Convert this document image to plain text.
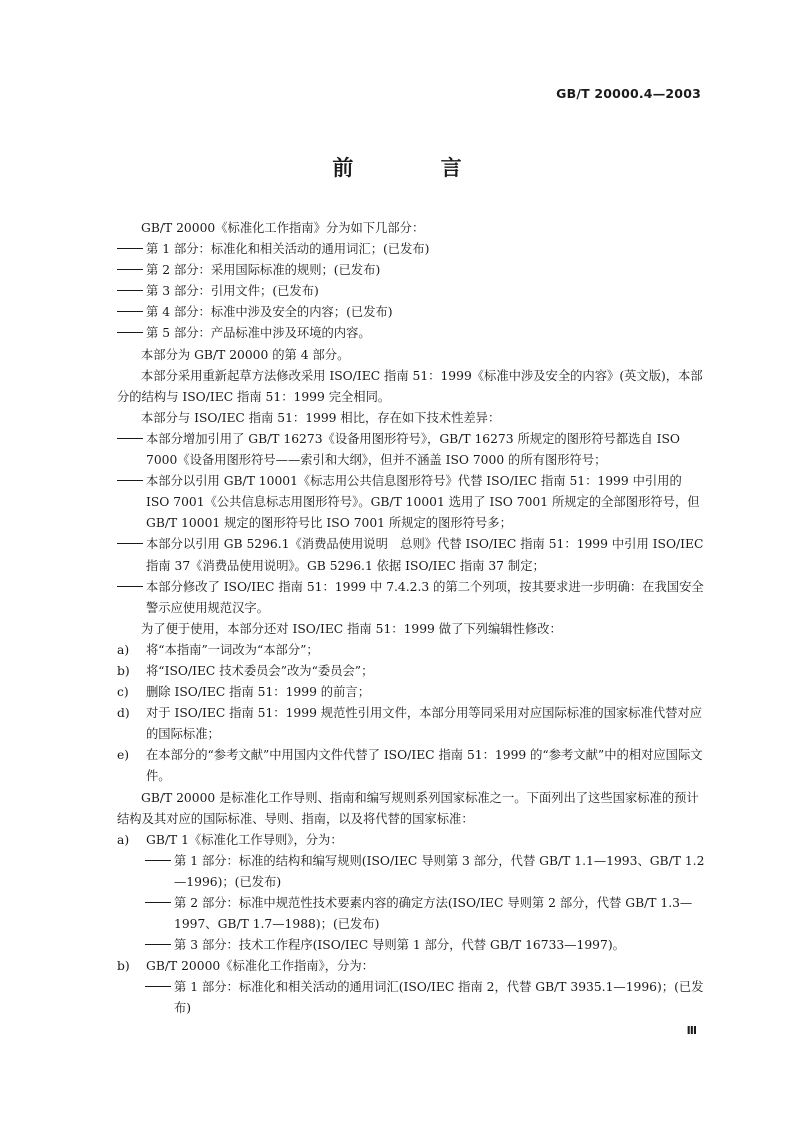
GB/T 20000.4—2003
前 言

GB/T 20000《标准化工作指南》分为如下几部分：

第 1 部分：标准化和相关活动的通用词汇；(已发布)

第 2 部分：采用国际标准的规则；(已发布)

第 3 部分：引用文件；(已发布)

第 4 部分：标准中涉及安全的内容；(已发布)

第 5 部分：产品标准中涉及环境的内容。

本部分为 GB/T 20000 的第 4 部分。

本部分采用重新起草方法修改采用 ISO/IEC 指南 51：1999《标准中涉及安全的内容》(英文版)，本部分的结构与 ISO/IEC 指南 51：1999 完全相同。

本部分与 ISO/IEC 指南 51：1999 相比，存在如下技术性差异：

本部分增加引用了 GB/T 16273《设备用图形符号》，GB/T 16273 所规定的图形符号都选自 ISO 7000《设备用图形符号——索引和大纲》，但并不涵盖 ISO 7000 的所有图形符号；

本部分以引用 GB/T 10001《标志用公共信息图形符号》代替 ISO/IEC 指南 51：1999 中引用的 ISO 7001《公共信息标志用图形符号》。GB/T 10001 选用了 ISO 7001 所规定的全部图形符号，但 GB/T 10001 规定的图形符号比 ISO 7001 所规定的图形符号多；

本部分以引用 GB 5296.1《消费品使用说明　总则》代替 ISO/IEC 指南 51：1999 中引用 ISO/IEC指南 37《消费品使用说明》。GB 5296.1 依据 ISO/IEC 指南 37 制定；

本部分修改了 ISO/IEC 指南 51：1999 中 7.4.2.3 的第二个列项，按其要求进一步明确：在我国安全警示应使用规范汉字。

为了便于使用，本部分还对 ISO/IEC 指南 51：1999 做了下列编辑性修改：

a) 将“本指南”一词改为“本部分”；

b) 将“ISO/IEC 技术委员会”改为“委员会”；

c) 删除 ISO/IEC 指南 51：1999 的前言；

d) 对于 ISO/IEC 指南 51：1999 规范性引用文件，本部分用等同采用对应国际标准的国家标准代替对应的国际标准；

e) 在本部分的“参考文献”中用国内文件代替了 ISO/IEC 指南 51：1999 的“参考文献”中的相对应国际文件。

GB/T 20000 是标准化工作导则、指南和编写规则系列国家标准之一。下面列出了这些国家标准的预计结构及其对应的国际标准、导则、指南，以及将代替的国家标准：

a) GB/T 1《标准化工作导则》，分为：

第 1 部分：标准的结构和编写规则(ISO/IEC 导则第 3 部分，代替 GB/T 1.1—1993、GB/T 1.2—1996)；(已发布)

第 2 部分：标准中规范性技术要素内容的确定方法(ISO/IEC 导则第 2 部分，代替 GB/T 1.3—1997、GB/T 1.7—1988)；(已发布)

第 3 部分：技术工作程序(ISO/IEC 导则第 1 部分，代替 GB/T 16733—1997)。

b) GB/T 20000《标准化工作指南》，分为：

第 1 部分：标准化和相关活动的通用词汇(ISO/IEC 指南 2，代替 GB/T 3935.1—1996)；(已发布)

Ⅲ
